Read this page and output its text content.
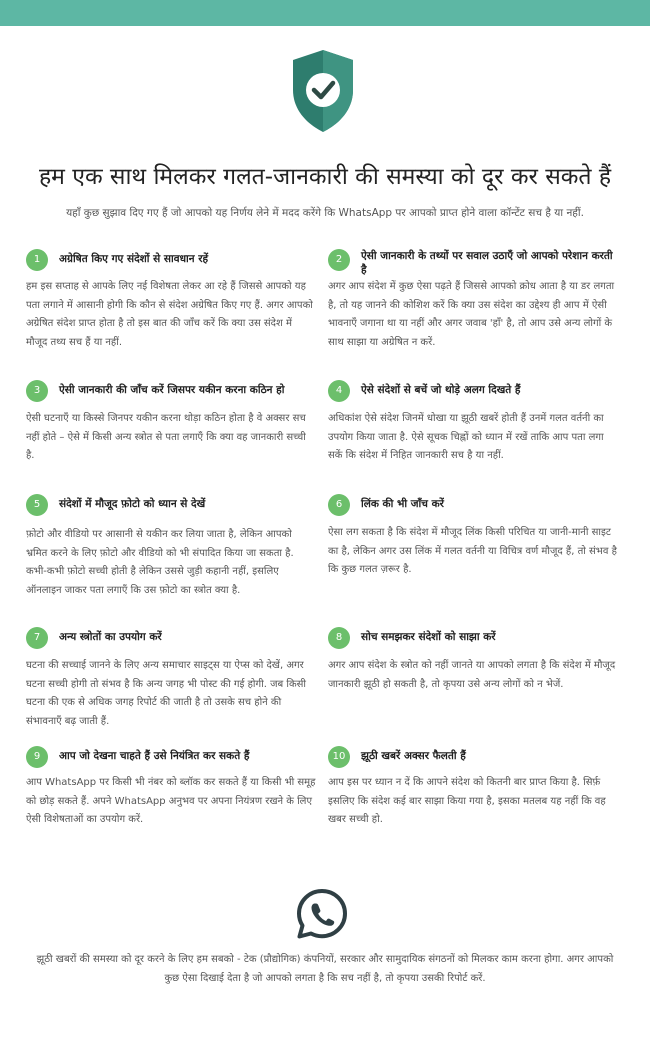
हम एक साथ मिलकर गलत-जानकारी की समस्या को दूर कर सकते हैं

यहाँ कुछ सुझाव दिए गए हैं जो आपको यह निर्णय लेने में मदद करेंगे कि WhatsApp पर आपको प्राप्त होने वाला कॉन्टेंट सच है या नहीं.

1	अग्रेषित किए गए संदेशों से सावधान रहें

हम इस सप्ताह से आपके लिए नई विशेषता लेकर आ रहे हैं जिससे आपको यह पता लगाने में आसानी होगी कि कौन से संदेश अग्रेषित किए गए हैं. अगर आपको अग्रेषित संदेश प्राप्त होता है तो इस बात की जाँच करें कि क्या उस संदेश में मौजूद तथ्य सच हैं या नहीं.

2	ऐसी जानकारी के तथ्यों पर सवाल उठाएँ जो आपको परेशान करती है

अगर आप संदेश में कुछ ऐसा पढ़ते हैं जिससे आपको क्रोध आता है या डर लगता है, तो यह जानने की कोशिश करें कि क्या उस संदेश का उद्देश्य ही आप में ऐसी भावनाएँ जगाना था या नहीं और अगर जवाब 'हाँ' है, तो आप उसे अन्य लोगों के साथ साझा या अग्रेषित न करें.

3	ऐसी जानकारी की जाँच करें जिसपर यकीन करना कठिन हो

ऐसी घटनाएँ या किस्से जिनपर यकीन करना थोड़ा कठिन होता है वे अक्सर सच नहीं होते – ऐसे में किसी अन्य स्त्रोत से पता लगाएँ कि क्या वह जानकारी सच्ची है.

4	ऐसे संदेशों से बचें जो थोड़े अलग दिखते हैं

अधिकांश ऐसे संदेश जिनमें धोखा या झूठी खबरें होती हैं उनमें गलत वर्तनी का उपयोग किया जाता है. ऐसे सूचक चिह्नों को ध्यान में रखें ताकि आप पता लगा सकें कि संदेश में निहित जानकारी सच है या नहीं.

5	संदेशों में मौजूद फ़ोटो को ध्यान से देखें

फ़ोटो और वीडियो पर आसानी से यकीन कर लिया जाता है, लेकिन आपको भ्रमित करने के लिए फ़ोटो और वीडियो को भी संपादित किया जा सकता है. कभी-कभी फ़ोटो सच्ची होती है लेकिन उससे जुड़ी कहानी नहीं, इसलिए ऑनलाइन जाकर पता लगाएँ कि उस फ़ोटो का स्त्रोत क्या है.

6	लिंक की भी जाँच करें

ऐसा लग सकता है कि संदेश में मौजूद लिंक किसी परिचित या जानी-मानी साइट का है, लेकिन अगर उस लिंक में गलत वर्तनी या विचित्र वर्ण मौजूद हैं, तो संभव है कि कुछ गलत ज़रूर है.

7	अन्य स्त्रोतों का उपयोग करें

घटना की सच्चाई जानने के लिए अन्य समाचार साइट्स या ऐप्स को देखें, अगर घटना सच्ची होगी तो संभव है कि अन्य जगह भी पोस्ट की गई होगी. जब किसी घटना की एक से अधिक जगह रिपोर्ट की जाती है तो उसके सच होने की संभावनाएँ बढ़ जाती हैं.

8	सोच समझकर संदेशों को साझा करें

अगर आप संदेश के स्त्रोत को नहीं जानते या आपको लगता है कि संदेश में मौजूद जानकारी झूठी हो सकती है, तो कृपया उसे अन्य लोगों को न भेजें.

9	आप जो देखना चाहते हैं उसे नियंत्रित कर सकते हैं

आप WhatsApp पर किसी भी नंबर को ब्लॉक कर सकते हैं या किसी भी समूह को छोड़ सकते हैं. अपने WhatsApp अनुभव पर अपना नियंत्रण रखने के लिए ऐसी विशेषताओं का उपयोग करें.

10	झूठी खबरें अक्सर फैलती हैं

आप इस पर ध्यान न दें कि आपने संदेश को कितनी बार प्राप्त किया है. सिर्फ़ इसलिए कि संदेश कई बार साझा किया गया है, इसका मतलब यह नहीं कि वह खबर सच्ची हो.

झूठी खबरों की समस्या को दूर करने के लिए हम सबको - टेक (प्रौद्योगिक) कंपनियों, सरकार और सामुदायिक संगठनों को मिलकर काम करना होगा. अगर आपको कुछ ऐसा दिखाई देता है जो आपको लगता है कि सच नहीं है, तो कृपया उसकी रिपोर्ट करें.
